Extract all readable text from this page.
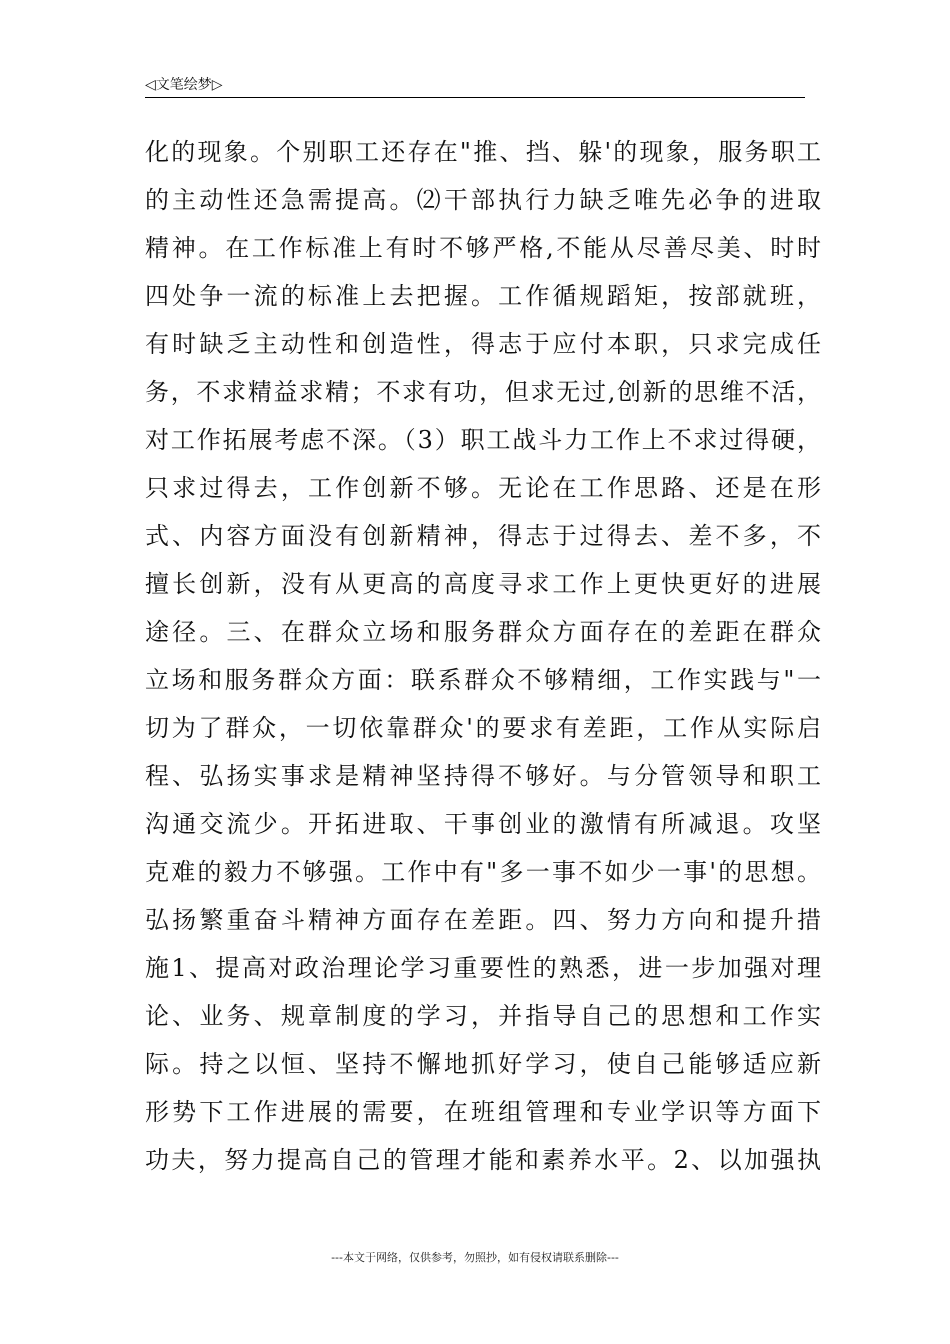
◁文笔绘梦▷
化的现象。个别职工还存在"推、挡、躲'的现象，服务职工
的主动性还急需提高。⑵干部执行力缺乏唯先必争的进取
精神。在工作标准上有时不够严格,不能从尽善尽美、时时
四处争一流的标准上去把握。工作循规蹈矩，按部就班，
有时缺乏主动性和创造性，得志于应付本职，只求完成任
务，不求精益求精；不求有功，但求无过,创新的思维不活，
对工作拓展考虑不深。（3）职工战斗力工作上不求过得硬，
只求过得去，工作创新不够。无论在工作思路、还是在形
式、内容方面没有创新精神，得志于过得去、差不多，不
擅长创新，没有从更高的高度寻求工作上更快更好的进展
途径。三、在群众立场和服务群众方面存在的差距在群众
立场和服务群众方面：联系群众不够精细，工作实践与"一
切为了群众，一切依靠群众'的要求有差距，工作从实际启
程、弘扬实事求是精神坚持得不够好。与分管领导和职工
沟通交流少。开拓进取、干事创业的激情有所减退。攻坚
克难的毅力不够强。工作中有"多一事不如少一事'的思想。
弘扬繁重奋斗精神方面存在差距。四、努力方向和提升措
施1、提高对政治理论学习重要性的熟悉，进一步加强对理
论、业务、规章制度的学习，并指导自己的思想和工作实
际。持之以恒、坚持不懈地抓好学习，使自己能够适应新
形势下工作进展的需要，在班组管理和专业学识等方面下
功夫，努力提高自己的管理才能和素养水平。2、以加强执
---本文于网络，仅供参考，勿照抄，如有侵权请联系删除---
